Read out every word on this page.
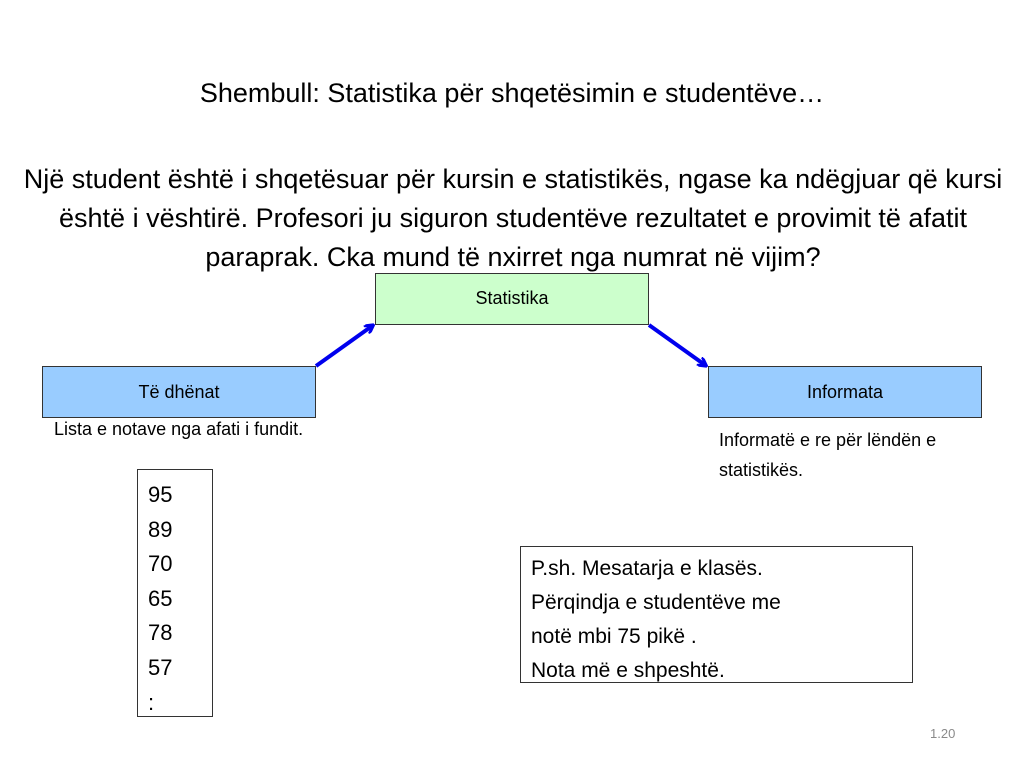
Shembull: Statistika për shqetësimin e studentëve…
Një student është i shqetësuar për kursin e statistikës, ngase ka ndëgjuar që kursi është i vështirë. Profesori ju siguron studentëve rezultatet e provimit të afatit paraprak. Cka mund të nxirret nga numrat në vijim?
Statistika
Të dhënat	Informata
Lista e notave nga afati i fundit.
Informatë e re për lëndën e statistikës.
95
89
70
65
78
57
:
P.sh. Mesatarja e klasës.
Përqindja e studentëve me
notë mbi 75 pikë .
Nota më e shpeshtë.
1.20
